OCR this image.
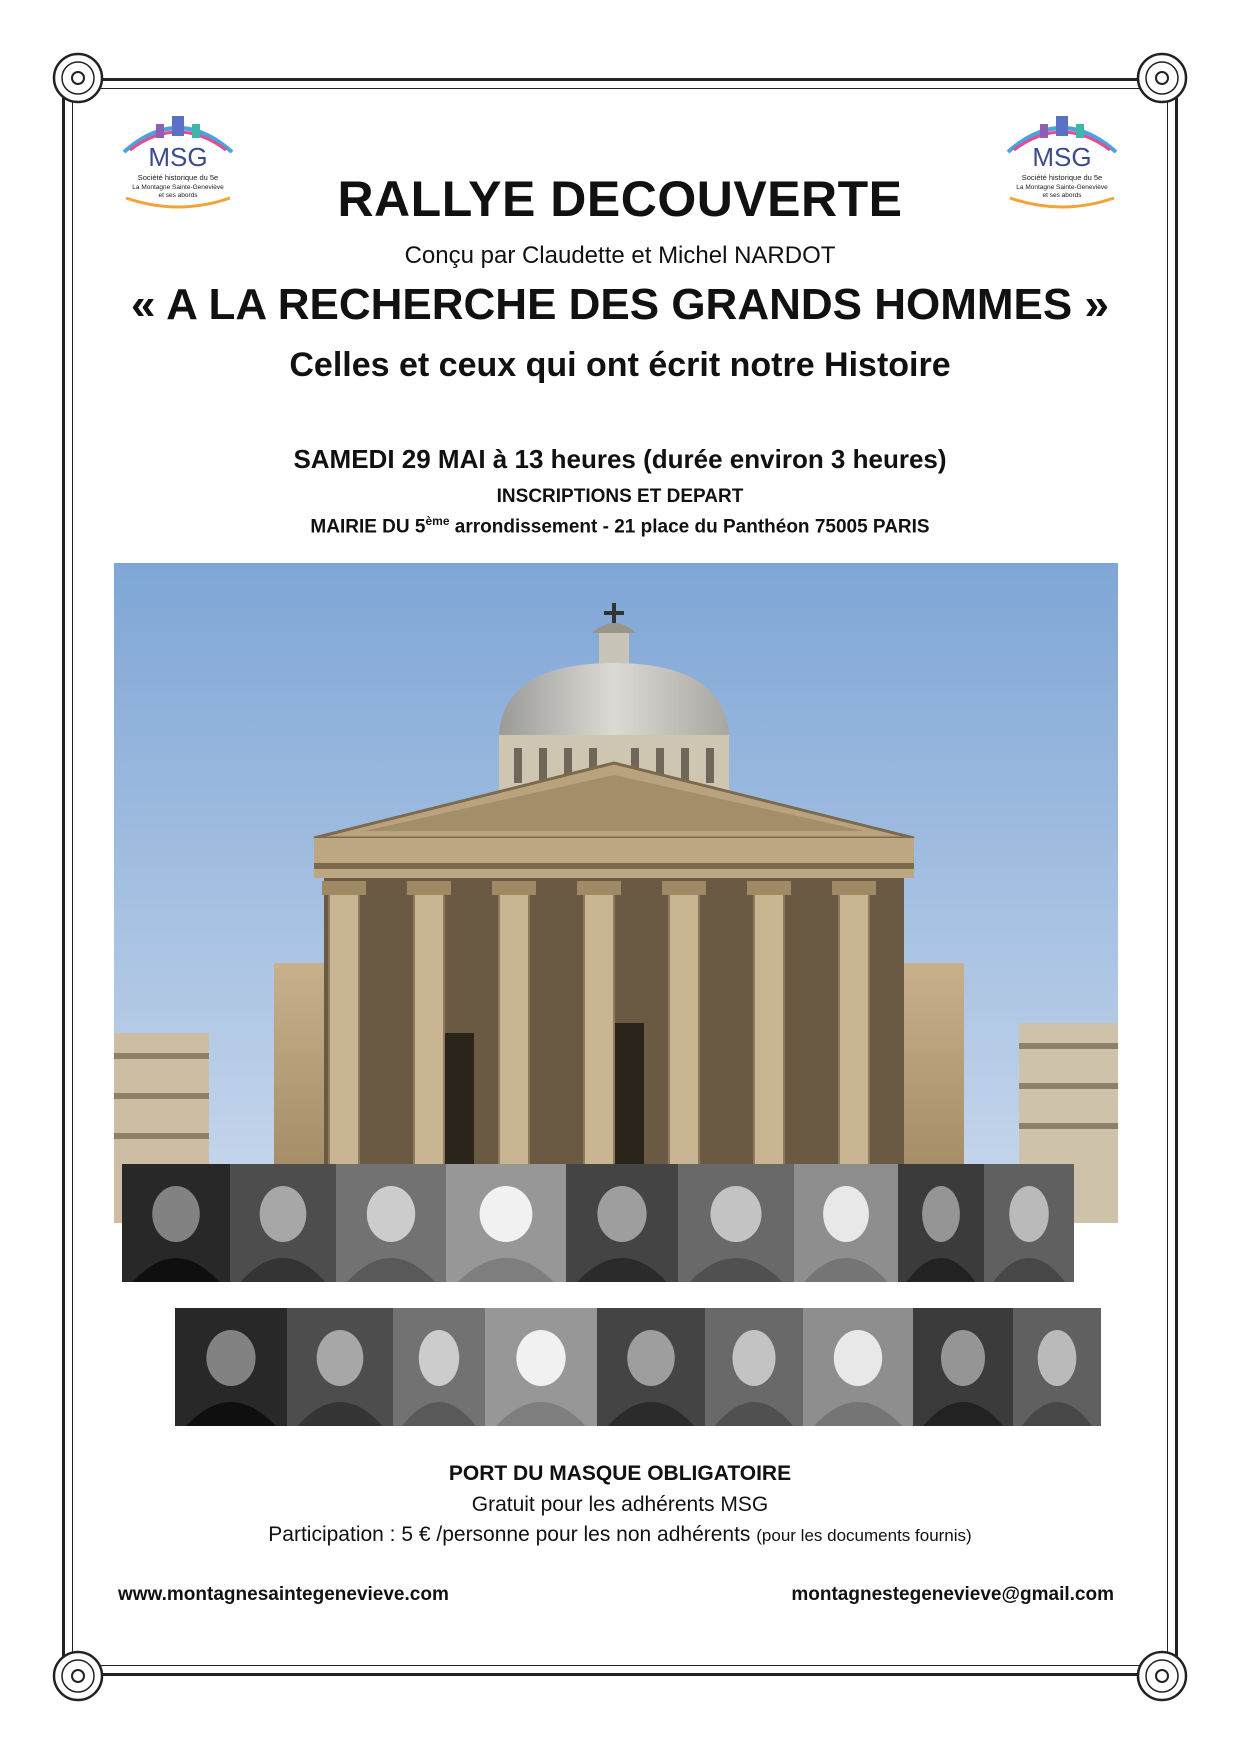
MSG
Société historique du 5e
La Montagne Sainte-Geneviève
et ses abords
MSG
Société historique du 5e
La Montagne Sainte-Geneviève
et ses abords
RALLYE DECOUVERTE
Conçu par Claudette et Michel NARDOT
« A LA RECHERCHE DES GRANDS HOMMES »
Celles et ceux qui ont écrit notre Histoire
SAMEDI 29 MAI à 13 heures (durée environ 3 heures)
INSCRIPTIONS ET DEPART
MAIRIE DU 5ème arrondissement - 21 place du Panthéon 75005 PARIS
PORT DU MASQUE OBLIGATOIRE
Gratuit pour les adhérents MSG
Participation : 5 € /personne pour les non adhérents (pour les documents fournis)
www.montagnesaintegenevieve.com	montagnestegenevieve@gmail.com
